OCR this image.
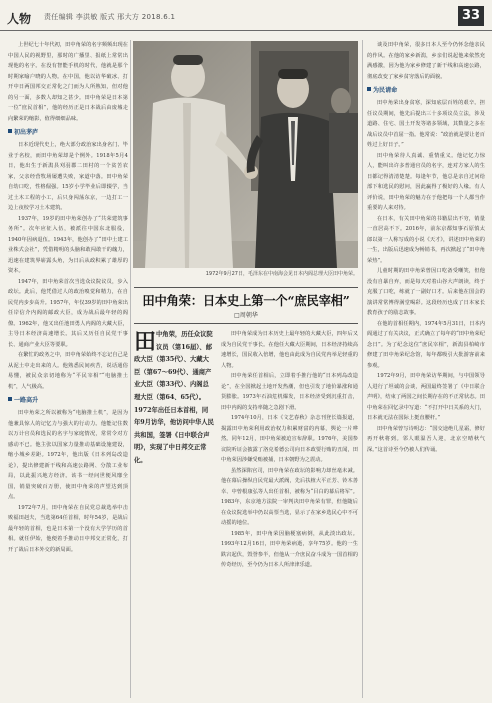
人物 责任编辑 李洪敏 版式 邢大方 2018.6.1	33

上世纪七十年代初，田中角荣的名字频频出现在中国人民的视野里，那时的广播里、报纸上常常出现他的名字。在没有智能手机的时代，他就是那个时期家喻户晓的人物。在中国，他以访华破冰、打开中日两国邦交正常化之门而为人所熟知，但对他的另一面，多数人却知之甚少。田中角荣是日本第一位“庶民首相”，他的经历正是日本战后由废墟走向繁荣的缩影，值得细细品味。

初出茅庐

日本近现代史上，绝大部分政治家出身名门、毕业于名校，而田中角荣却是个例外。1918年5月4日，他出生于新潟县刈羽郡二田村的一个贫苦农家，父亲经营牧场屡遭失败，家道中落。田中角荣自幼口吃，性格倔强。15岁小学毕业后即辍学，当过土木工程的小工，后只身闯荡东京，一边打工一边上夜校学习土木建筑。

1937年，19岁的田中角荣创办了“共荣建筑事务所”。次年应征入伍，被派往中国东北服役，1940年因病退伍。1943年，他创办了“田中土建工业株式会社”，凭借精明的头脑和敢闯敢干的魄力，迅速在建筑界崭露头角，为日后从政积累了雄厚的资本。

1947年，田中角荣首次当选众议院议员，步入政坛。此后，他凭借过人的政治嗅觉和精力，在自民党内步步高升。1957年，年仅39岁的田中角荣出任岸信介内阁的邮政大臣，成为战后最年轻的阁僚。1962年，他又出任池田勇人内阁的大藏大臣，主导日本经济高速增长。其后又历任自民党干事长、通商产业大臣等要职。

在繁忙的政务之中，田中角荣始终不忘记自己是从泥土中走出来的人。他熟悉民间疾苦，说话通俗易懂，被民众亲切地称为“平民宰相”“电脑推土机”，人气极高。

一路高升

田中角荣之所以被称为“电脑推土机”，是因为他兼具惊人的记忆力与强大的行动力。他能记住数以万计官员和选民的名字与家庭情况，常常令对方感动不已。他主张以国家力量推动基础设施建设，缩小城乡差距。1972年，他出版《日本列岛改造论》，提出修建新干线和高速公路网、分散工业布局，以此振兴地方经济。该书一经问世便风靡全国，销量突破百万册，使田中角荣的声望达到顶点。

1972年7月，田中角荣在自民党总裁选举中击败福田赳夫，当选第64任首相，时年54岁，是战后最年轻的首相，也是日本第一个没有大学学历的首相。就任伊始，他便着手推动日中邦交正常化，打开了战后日本外交的新局面。

1972年9月27日，毛泽东在中南海会见日本内阁总理大臣田中角荣。
田中角荣：日本史上第一个“庶民宰相”
□周朝华
田 中角荣，历任众议院议员（第16届）、邮政大臣（第35代）、大藏大臣（第67～69代）、通商产业大臣（第33代）、内阁总理大臣（第64、65代）。1972年出任日本首相，同年9月访华，他访问中华人民共和国，签署《日中联合声明》，实现了中日邦交正常化。

田中角荣成为日本历史上最年轻的大藏大臣，四年后又成为自民党干事长。在他任大藏大臣期间，日本经济持续高速增长，国民收入倍增，他也由此成为自民党内举足轻重的人物。

田中角荣任首相后，立即着手推行他的“日本列岛改造论”，在全国掀起土地开发热潮，但也引发了地价暴涨和通货膨胀。1973年石油危机爆发，日本经济受到沉重打击，田中内阁的支持率随之急剧下滑。

1974年10月，日本《文艺春秋》杂志刊登长篇报道，揭露田中角荣利用政治权力积累财富的内幕，舆论一片哗然。同年12月，田中角荣被迫宣布辞职。1976年，美国参议院听证会披露了洛克希德公司向日本政要行贿的丑闻，田中角荣因涉嫌受贿被捕，日本朝野为之震动。

虽然深陷官司，田中角荣在政坛的影响力却丝毫未减。他在幕后操纵自民党最大派阀，先后扶植大平正芳、铃木善幸、中曾根康弘等人出任首相，被称为“目白的幕后将军”。1983年，东京地方法院一审判决田中角荣有罪，但他随后在众议院选举中仍以高票当选，显示了在家乡选民心中不可动摇的地位。

1985年，田中角荣因脑梗塞病倒，从此淡出政坛。1993年12月16日，田中角荣病逝，享年75岁。他的一生跌宕起伏，毁誉参半，但他从一介庶民奋斗成为一国首相的传奇经历，至今仍为日本人所津津乐道。

谈及田中角荣，很多日本人至今仍怀念他亲民的作风。在他的家乡新潟，乡亲们说起他来依然充满感激，因为他为家乡修建了新干线和高速公路，彻底改变了家乡贫穷落后的面貌。

为民请命

田中角荣出身贫寒，深知底层百姓的艰辛。担任议员期间，他先后提出三十多项议员立法，涉及道路、住宅、国土开发等诸多领域，其数量之多在战后议员中首屈一指。他常说：“政治就是要让老百姓过上好日子。”

田中角荣待人真诚、重情重义。他记忆力惊人，能叫出许多普通官员的名字，连对方家人的生日都记得清清楚楚。每逢年节，他总是亲自过问给部下和选民的慰问，因此赢得了极好的人缘。有人评价说，田中角荣的魅力在于他把每一个人都当作重要的人来对待。

在日本，有关田中角荣的书籍层出不穷，销量一直居高不下。2016年，前东京都知事石原慎太郎以第一人称写成的小说《天才》，讲述田中角荣的一生，出版后迅速成为畅销书，再次掀起了“田中角荣热”。

儿童时期的田中角荣曾因口吃备受嘲笑，但他没有自暴自弃，而是每天对着山谷大声朗读，终于克服了口吃，练就了一副好口才。后来他在国会的演讲常常博得满堂喝彩。这段经历也成了日本家长教育孩子的励志故事。

在他的首相任期内，1974年5月31日，日本内阁通过了有关决议，正式确立了每年的“田中角荣纪念日”。为了纪念这位“庶民宰相”，新潟县柏崎市修建了田中角荣纪念馆，每年都吸引大批游客前来参观。

1972年9月，田中角荣访华期间，与中国领导人进行了坦诚的会谈，两国最终签署了《中日联合声明》，结束了两国之间长期存在的不正常状态。田中角荣在回忆录中写道：“不打开中日关系的大门，日本就无法在国际上挺直腰杆。”

田中角荣曾写诗明志：“国交途绝几星霜，修好再开秋将到。邻人眼温吾人迎，北京空晴秋气深。”这首诗至今仍被人们传诵。
